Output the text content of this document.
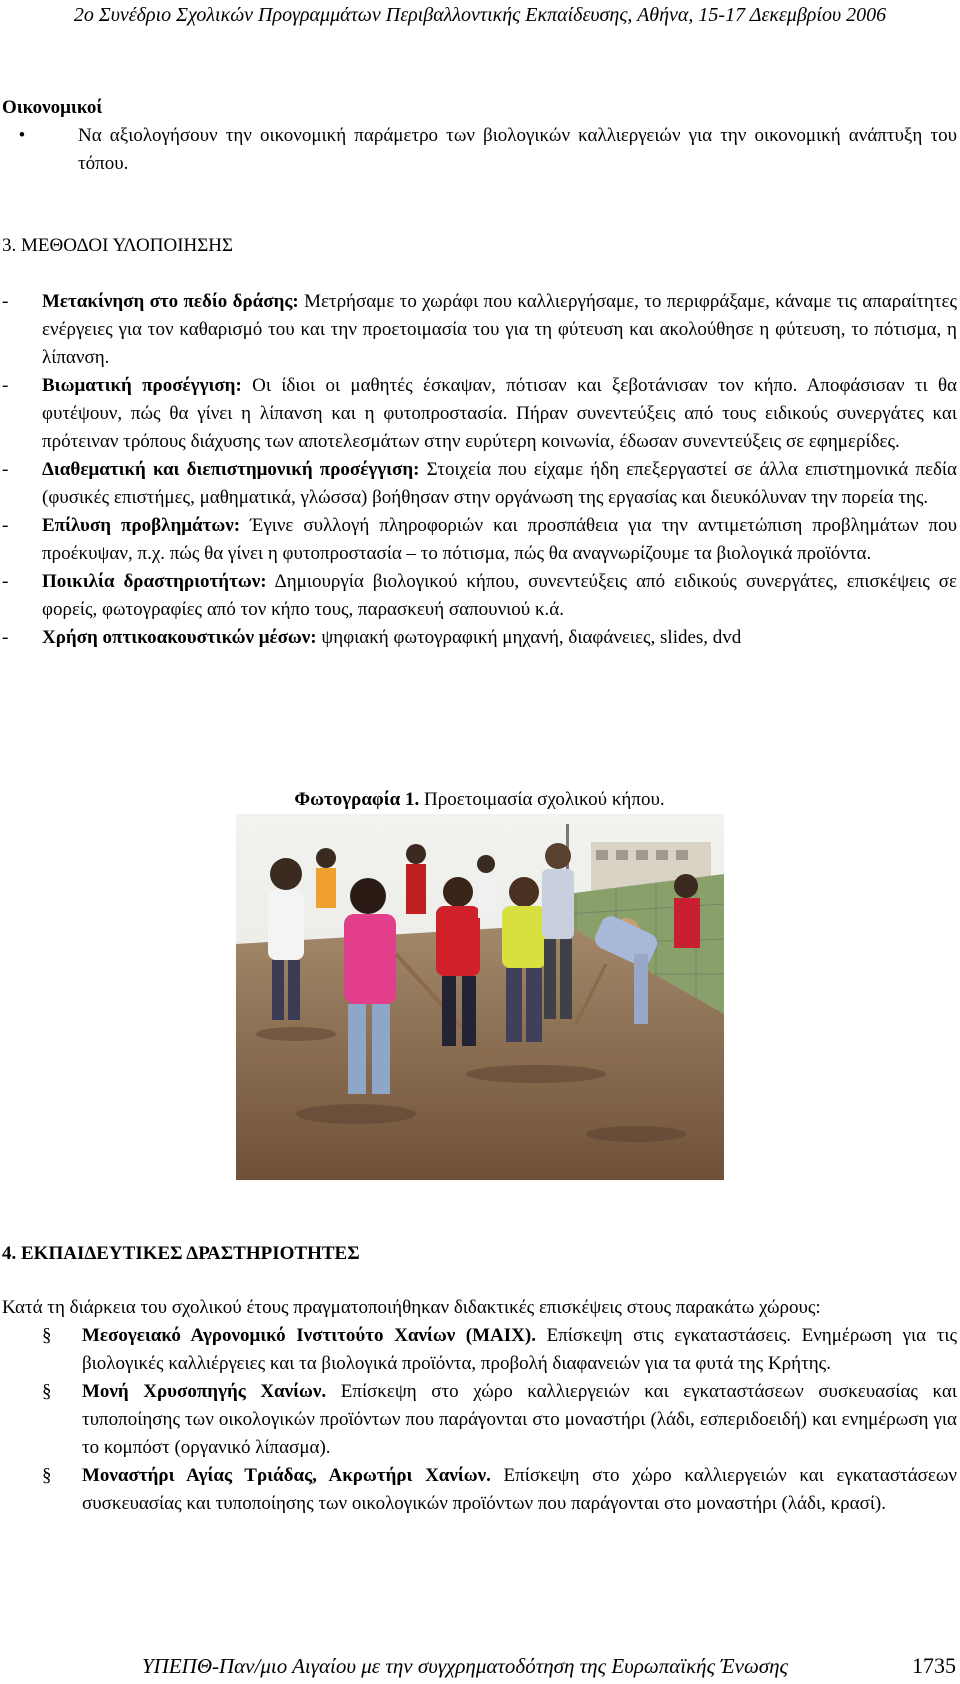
2ο Συνέδριο Σχολικών Προγραμμάτων Περιβαλλοντικής Εκπαίδευσης, Αθήνα, 15-17 Δεκεμβρίου 2006

Οικονομικοί

•	Να αξιολογήσουν την οικονομική παράμετρο των βιολογικών καλλιεργειών για την οικονομική ανάπτυξη του τόπου.

3. ΜΕΘΟΔΟΙ ΥΛΟΠΟΙΗΣΗΣ

-	Μετακίνηση στο πεδίο δράσης: Μετρήσαμε το χωράφι που καλλιεργήσαμε, το περιφράξαμε, κάναμε τις απαραίτητες ενέργειες για τον καθαρισμό του και την προετοιμασία του για τη φύτευση και ακολούθησε η φύτευση, το πότισμα, η λίπανση.
-	Βιωματική προσέγγιση: Οι ίδιοι οι μαθητές έσκαψαν, πότισαν και ξεβοτάνισαν τον κήπο. Αποφάσισαν τι θα φυτέψουν, πώς θα γίνει η λίπανση και η φυτοπροστασία. Πήραν συνεντεύξεις από τους ειδικούς συνεργάτες και πρότειναν τρόπους διάχυσης των αποτελεσμάτων στην ευρύτερη κοινωνία, έδωσαν συνεντεύξεις σε εφημερίδες.
-	Διαθεματική και διεπιστημονική προσέγγιση: Στοιχεία που είχαμε ήδη επεξεργαστεί σε άλλα επιστημονικά πεδία (φυσικές επιστήμες, μαθηματικά, γλώσσα) βοήθησαν στην οργάνωση της εργασίας και διευκόλυναν την πορεία της.
-	Επίλυση προβλημάτων: Έγινε συλλογή πληροφοριών και προσπάθεια για την αντιμετώπιση προβλημάτων που προέκυψαν, π.χ. πώς θα γίνει η φυτοπροστασία – το πότισμα, πώς θα αναγνωρίζουμε τα βιολογικά προϊόντα.
-	Ποικιλία δραστηριοτήτων: Δημιουργία βιολογικού κήπου, συνεντεύξεις από ειδικούς συνεργάτες, επισκέψεις σε φορείς, φωτογραφίες από τον κήπο τους, παρασκευή σαπουνιού κ.ά.
-	Χρήση οπτικοακουστικών μέσων: ψηφιακή φωτογραφική μηχανή, διαφάνειες, slides, dvd
Φωτογραφία 1. Προετοιμασία σχολικού κήπου.

4. ΕΚΠΑΙΔΕΥΤΙΚΕΣ ΔΡΑΣΤΗΡΙΟΤΗΤΕΣ

Κατά τη διάρκεια του σχολικού έτους πραγματοποιήθηκαν διδακτικές επισκέψεις στους παρακάτω χώρους:

§	Μεσογειακό Αγρονομικό Ινστιτούτο Χανίων (ΜΑΙΧ). Επίσκεψη στις εγκαταστάσεις. Ενημέρωση για τις βιολογικές καλλιέργειες και τα βιολογικά προϊόντα, προβολή διαφανειών για τα φυτά της Κρήτης.
§	Μονή Χρυσοπηγής Χανίων. Επίσκεψη στο χώρο καλλιεργειών και εγκαταστάσεων συσκευασίας και τυποποίησης των οικολογικών προϊόντων που παράγονται στο μοναστήρι (λάδι, εσπεριδοειδή) και ενημέρωση για το κομπόστ (οργανικό λίπασμα).
§	Μοναστήρι Αγίας Τριάδας, Ακρωτήρι Χανίων. Επίσκεψη στο χώρο καλλιεργειών και εγκαταστάσεων συσκευασίας και τυποποίησης των οικολογικών προϊόντων που παράγονται στο μοναστήρι (λάδι, κρασί).
ΥΠΕΠΘ-Παν/μιο Αιγαίου με την συγχρηματοδότηση της Ευρωπαϊκής Ένωσης	1735
